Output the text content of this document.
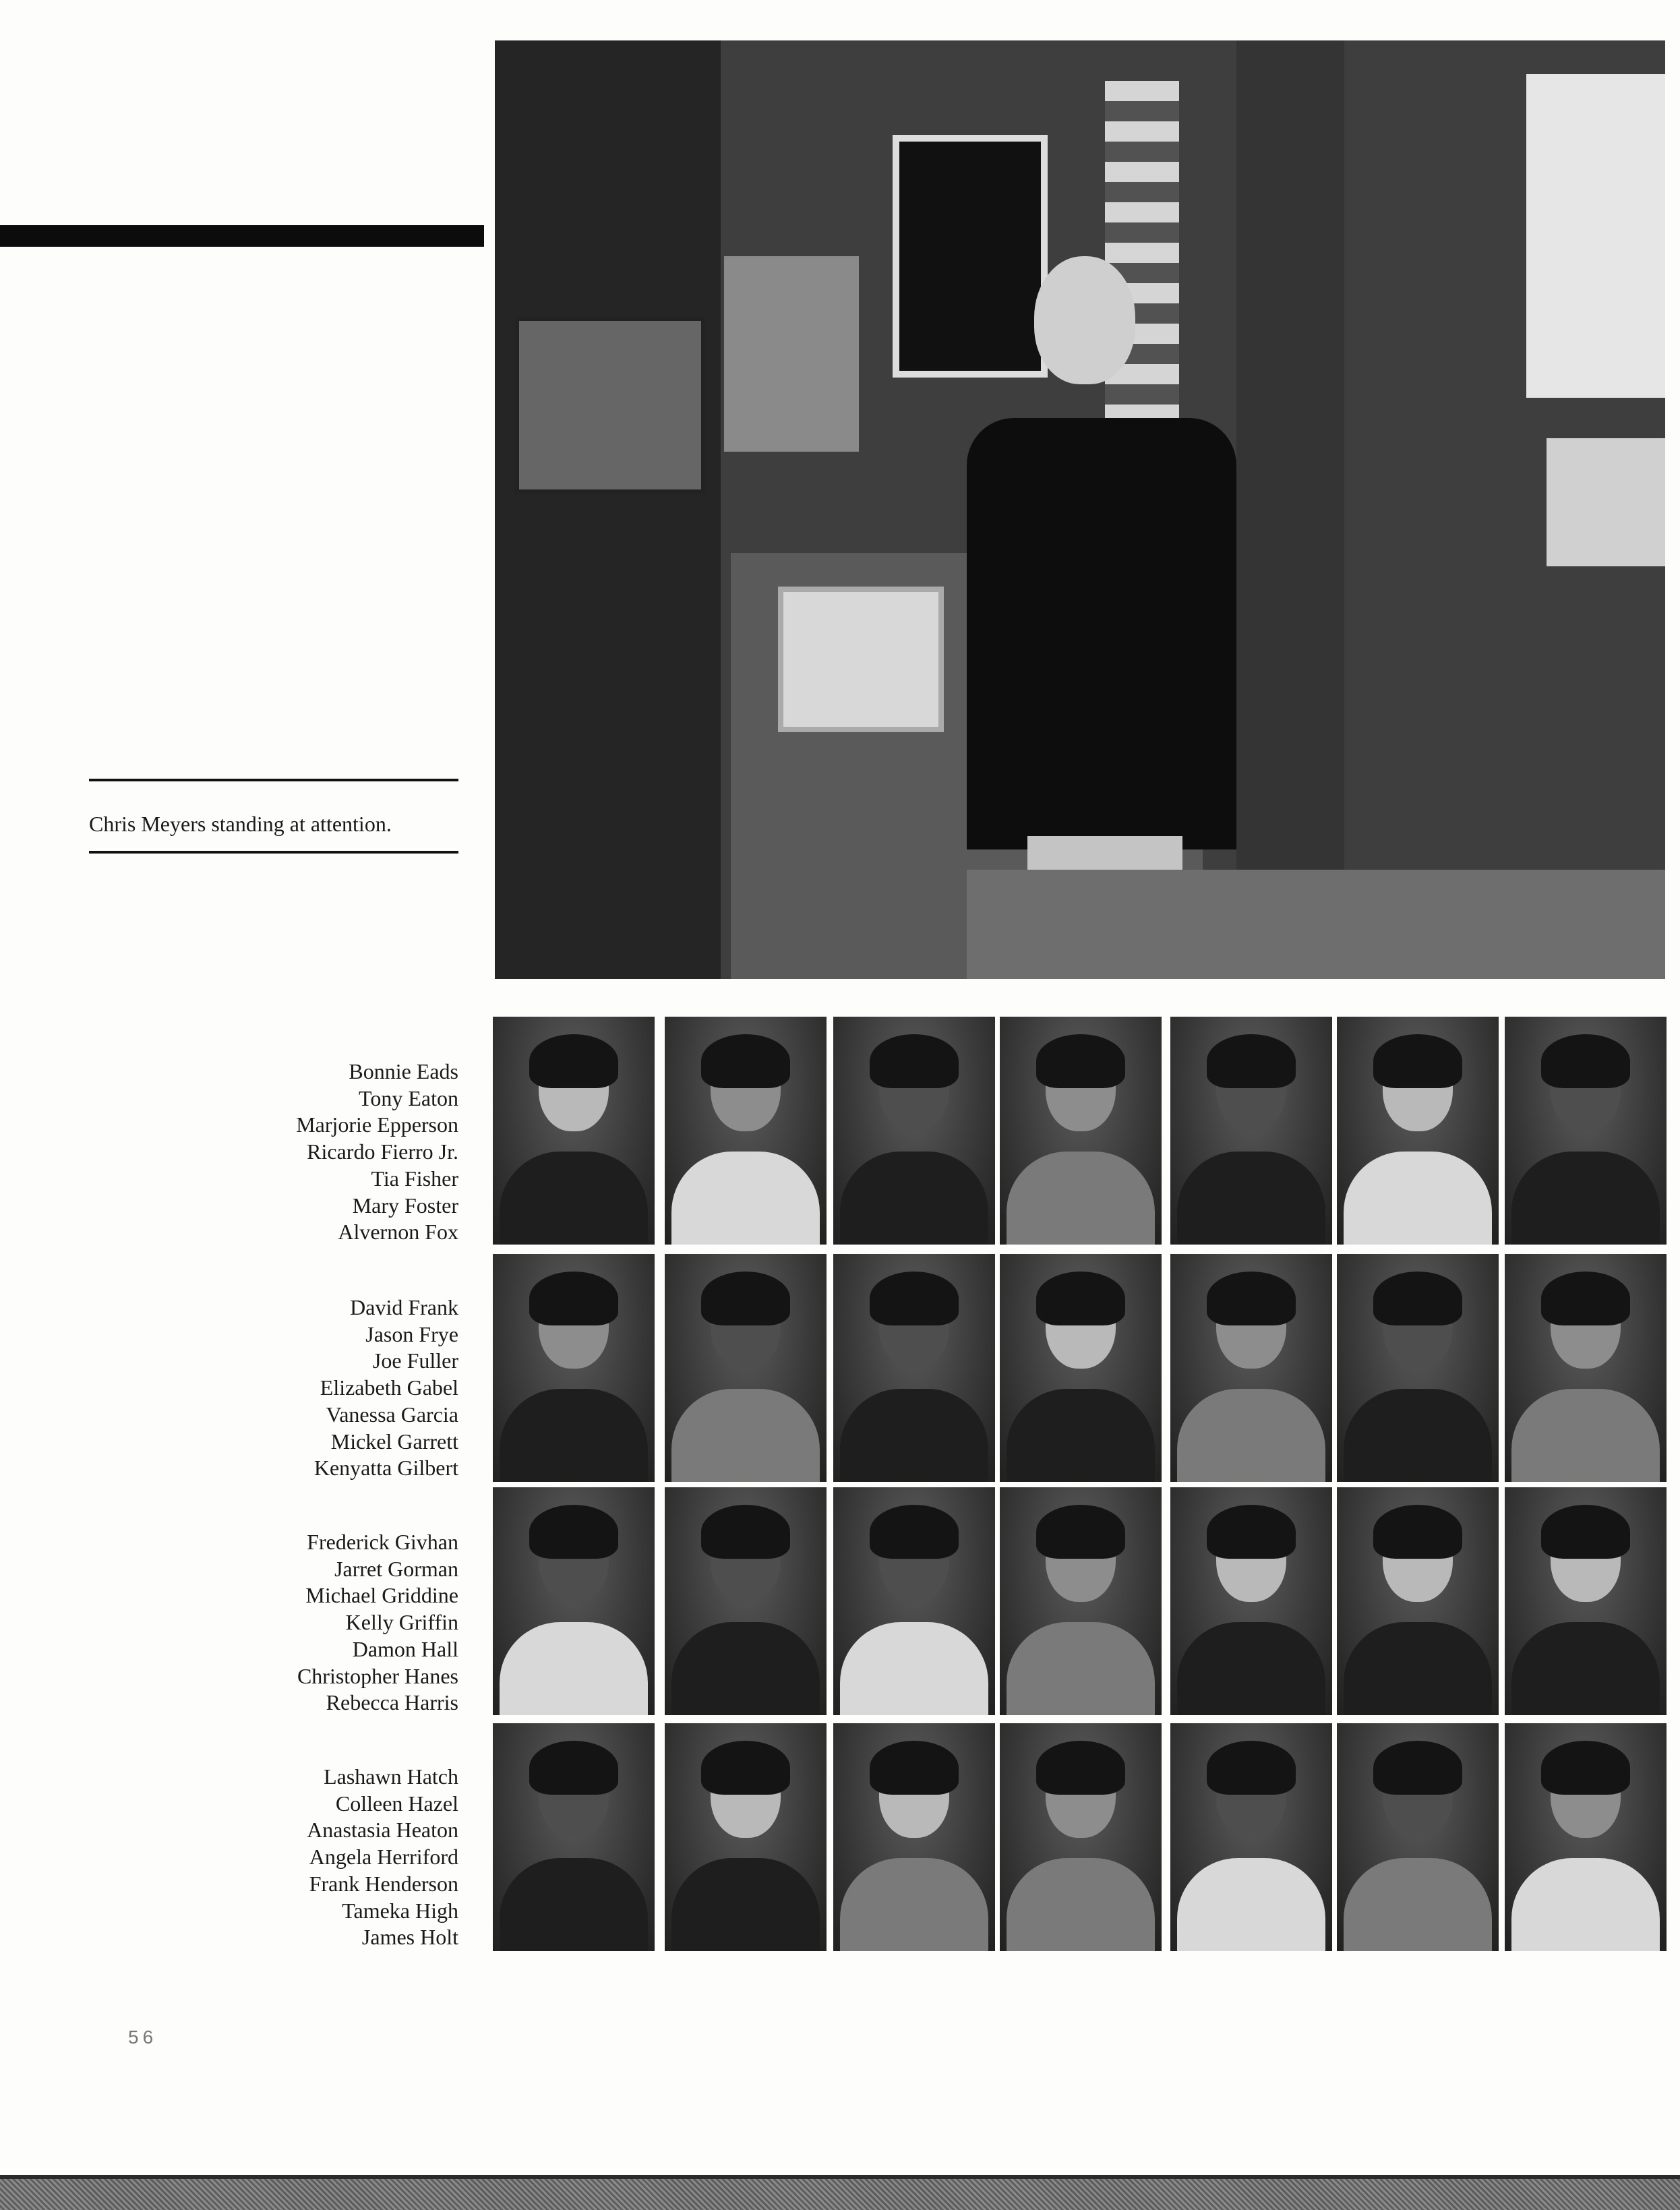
Chris Meyers standing at attention.
Bonnie Eads
Tony Eaton
Marjorie Epperson
Ricardo Fierro Jr.
Tia Fisher
Mary Foster
Alvernon Fox
David Frank
Jason Frye
Joe Fuller
Elizabeth Gabel
Vanessa Garcia
Mickel Garrett
Kenyatta Gilbert
Frederick Givhan
Jarret Gorman
Michael Griddine
Kelly Griffin
Damon Hall
Christopher Hanes
Rebecca Harris
Lashawn Hatch
Colleen Hazel
Anastasia Heaton
Angela Herriford
Frank Henderson
Tameka High
James Holt
56
